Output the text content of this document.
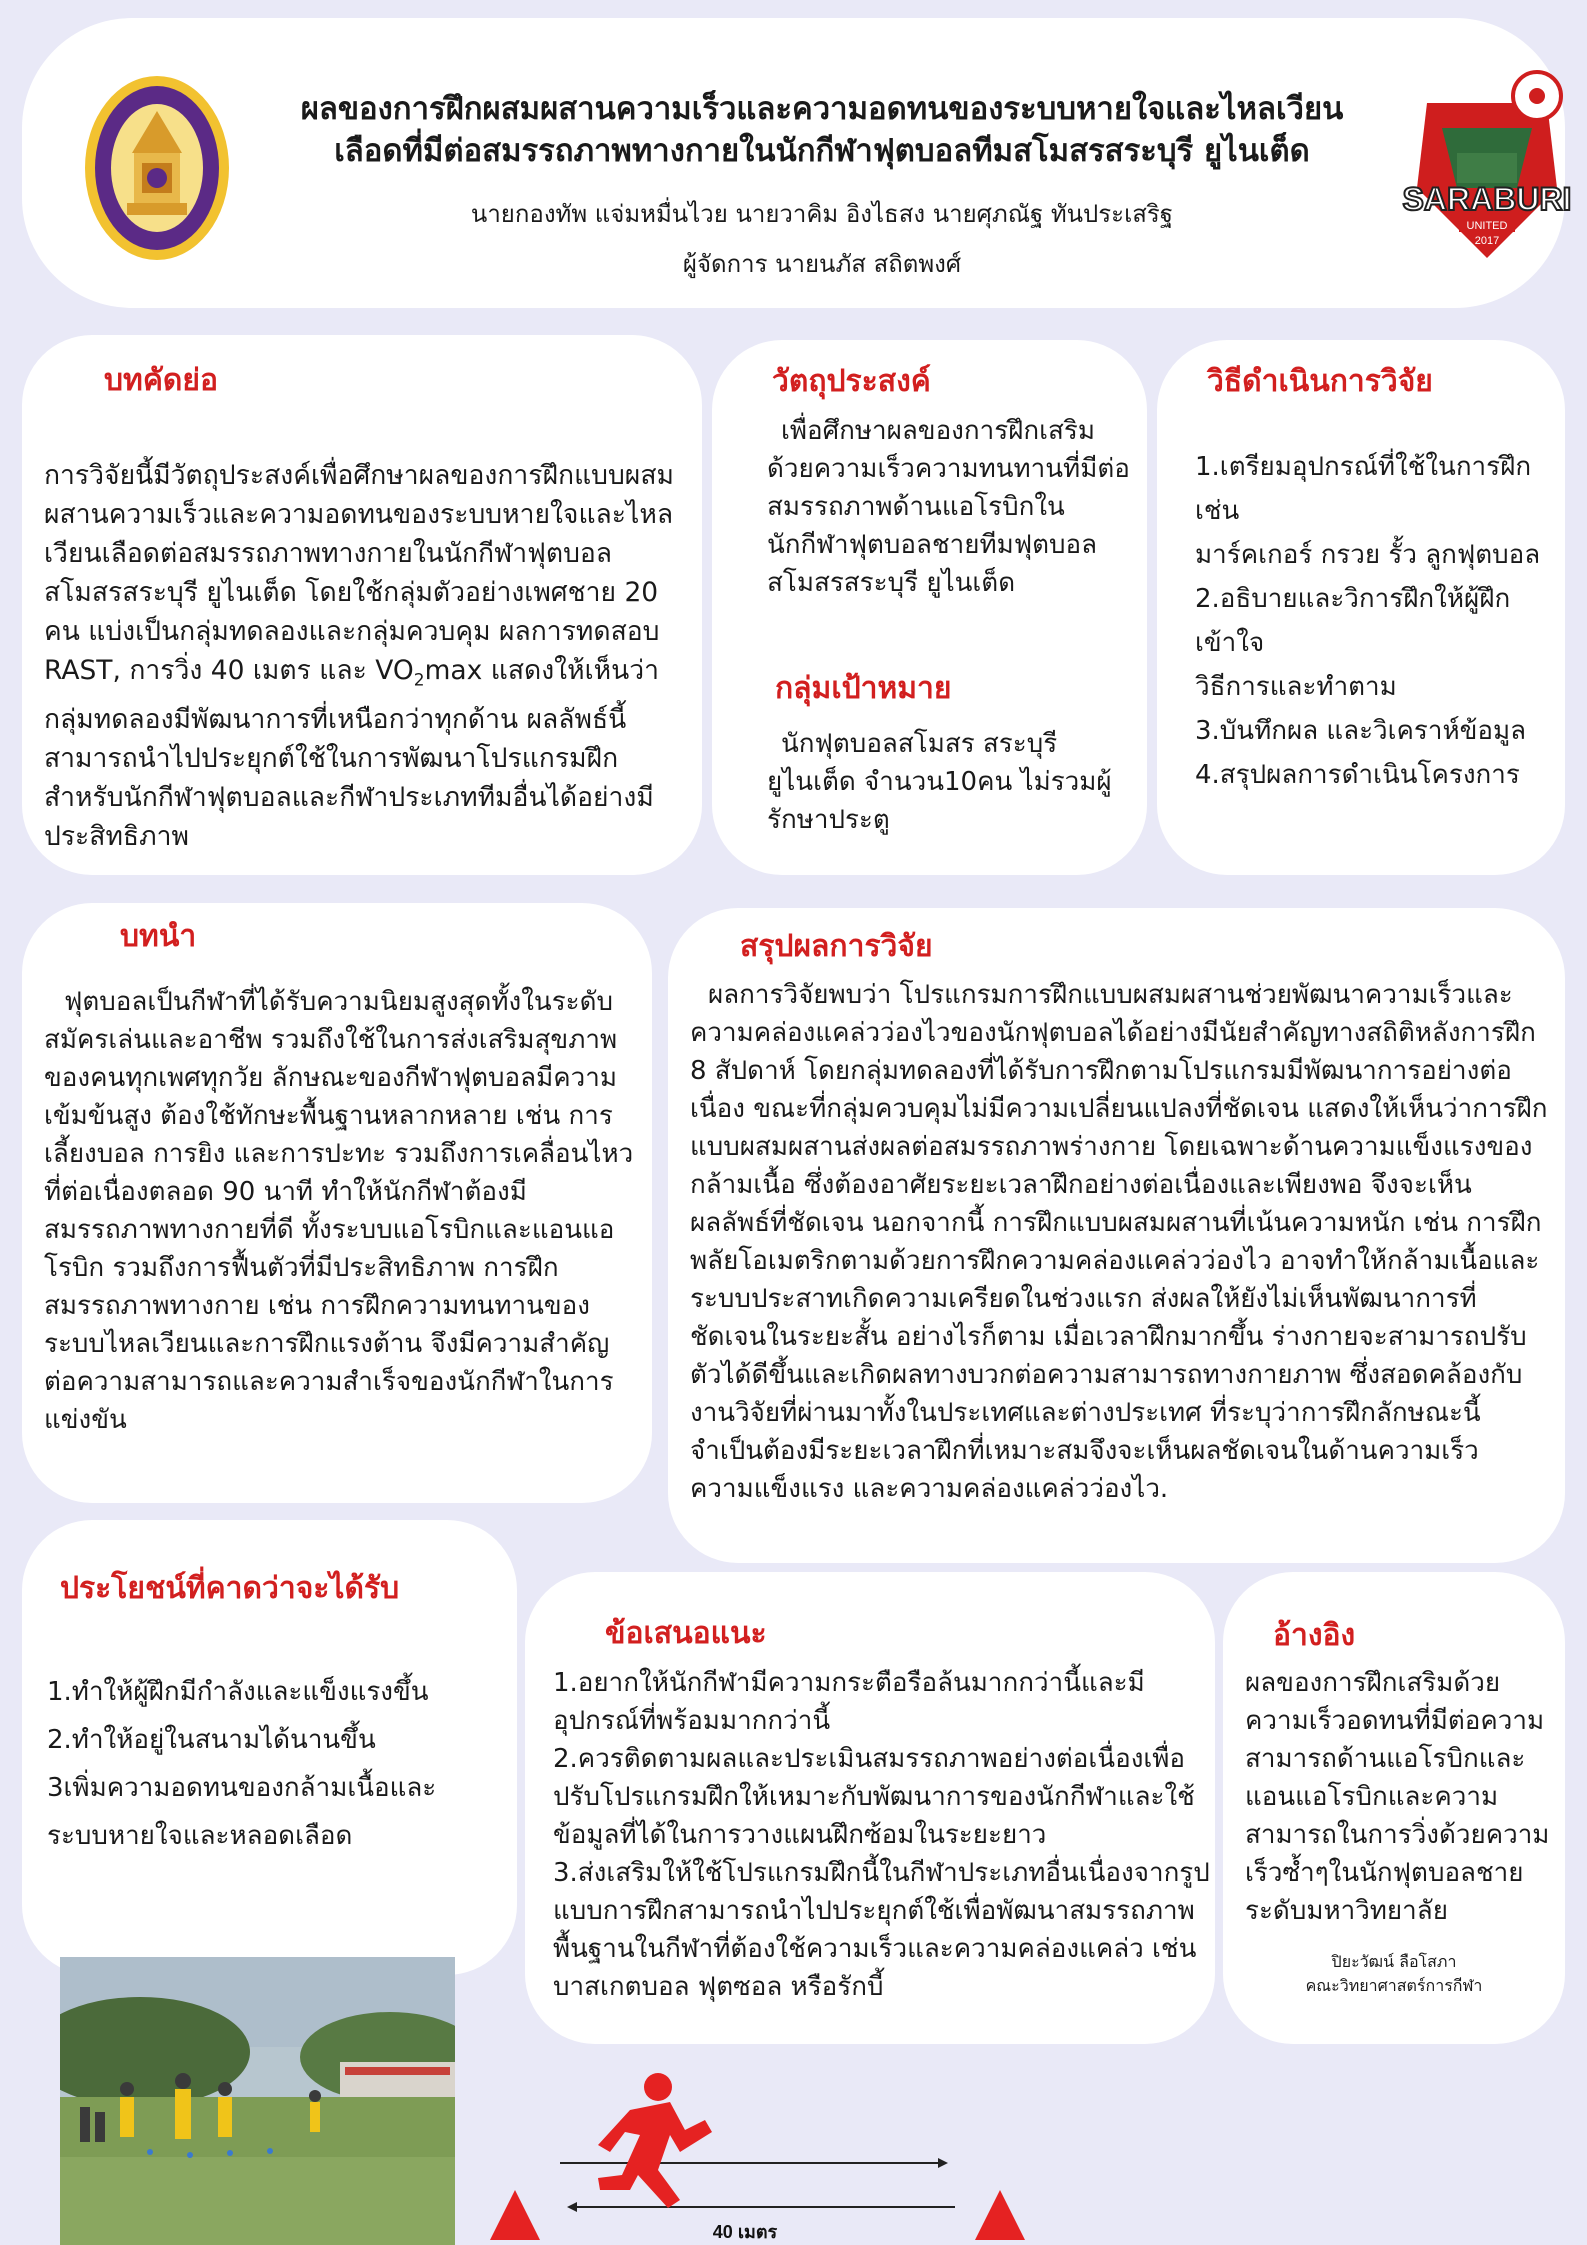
ผลของการฝึกผสมผสานความเร็วและความอดทนของระบบหายใจและไหลเวียน
เลือดที่มีต่อสมรรถภาพทางกายในนักกีฬาฟุตบอลทีมสโมสรสระบุรี ยูไนเต็ด
นายกองทัพ แจ่มหมื่นไวย นายวาคิม อิงไธสง นายศุภณัฐ ทันประเสริฐ
ผู้จัดการ นายนภัส สถิตพงศ์
SARABURI
UNITED
2017
บทคัดย่อ

การวิจัยนี้มีวัตถุประสงค์เพื่อศึกษาผลของการฝึกแบบผสมผสานความเร็วและความอดทนของระบบหายใจและไหลเวียนเลือดต่อสมรรถภาพทางกายในนักกีฬาฟุตบอลสโมสรสระบุรี ยูไนเต็ด โดยใช้กลุ่มตัวอย่างเพศชาย 20 คน แบ่งเป็นกลุ่มทดลองและกลุ่มควบคุม ผลการทดสอบ RAST, การวิ่ง 40 เมตร และ $VO_2\max$ แสดงให้เห็นว่ากลุ่มทดลองมีพัฒนาการที่เหนือกว่าทุกด้าน ผลลัพธ์นี้สามารถนำไปประยุกต์ใช้ในการพัฒนาโปรแกรมฝึกสำหรับนักกีฬาฟุตบอลและกีฬาประเภททีมอื่นได้อย่างมีประสิทธิภาพ

วัตถุประสงค์
เพื่อศึกษาผลของการฝึกเสริมด้วยความเร็วความทนทานที่มีต่อสมรรถภาพด้านแอโรบิกในนักกีฬาฟุตบอลชายทีมฟุตบอลสโมสรสระบุรี ยูไนเต็ด
กลุ่มเป้าหมาย
นักฟุตบอลสโมสร สระบุรี ยูไนเต็ด จำนวน10คน ไม่รวมผู้รักษาประตู
วิธีดำเนินการวิจัย
1.เตรียมอุปกรณ์ที่ใช้ในการฝึกเช่น
มาร์คเกอร์ กรวย รั้ว ลูกฟุตบอล
2.อธิบายและวิการฝึกให้ผู้ฝึกเข้าใจ
วิธีการและทำตาม
3.บันทึกผล และวิเคราห์ข้อมูล
4.สรุปผลการดำเนินโครงการ
บทนำ
ฟุตบอลเป็นกีฬาที่ได้รับความนิยมสูงสุดทั้งในระดับสมัครเล่นและอาชีพ รวมถึงใช้ในการส่งเสริมสุขภาพของคนทุกเพศทุกวัย ลักษณะของกีฬาฟุตบอลมีความเข้มข้นสูง ต้องใช้ทักษะพื้นฐานหลากหลาย เช่น การเลี้ยงบอล การยิง และการปะทะ รวมถึงการเคลื่อนไหวที่ต่อเนื่องตลอด 90 นาที ทำให้นักกีฬาต้องมีสมรรถภาพทางกายที่ดี ทั้งระบบแอโรบิกและแอนแอโรบิก รวมถึงการฟื้นตัวที่มีประสิทธิภาพ การฝึกสมรรถภาพทางกาย เช่น การฝึกความทนทานของระบบไหลเวียนและการฝึกแรงต้าน จึงมีความสำคัญต่อความสามารถและความสำเร็จของนักกีฬาในการแข่งขัน
สรุปผลการวิจัย
ผลการวิจัยพบว่า โปรแกรมการฝึกแบบผสมผสานช่วยพัฒนาความเร็วและความคล่องแคล่วว่องไวของนักฟุตบอลได้อย่างมีนัยสำคัญทางสถิติหลังการฝึก 8 สัปดาห์ โดยกลุ่มทดลองที่ได้รับการฝึกตามโปรแกรมมีพัฒนาการอย่างต่อเนื่อง ขณะที่กลุ่มควบคุมไม่มีความเปลี่ยนแปลงที่ชัดเจน แสดงให้เห็นว่าการฝึกแบบผสมผสานส่งผลต่อสมรรถภาพร่างกาย โดยเฉพาะด้านความแข็งแรงของกล้ามเนื้อ ซึ่งต้องอาศัยระยะเวลาฝึกอย่างต่อเนื่องและเพียงพอ จึงจะเห็นผลลัพธ์ที่ชัดเจน นอกจากนี้ การฝึกแบบผสมผสานที่เน้นความหนัก เช่น การฝึกพลัยโอเมตริกตามด้วยการฝึกความคล่องแคล่วว่องไว อาจทำให้กล้ามเนื้อและระบบประสาทเกิดความเครียดในช่วงแรก ส่งผลให้ยังไม่เห็นพัฒนาการที่ชัดเจนในระยะสั้น อย่างไรก็ตาม เมื่อเวลาฝึกมากขึ้น ร่างกายจะสามารถปรับตัวได้ดีขึ้นและเกิดผลทางบวกต่อความสามารถทางกายภาพ ซึ่งสอดคล้องกับงานวิจัยที่ผ่านมาทั้งในประเทศและต่างประเทศ ที่ระบุว่าการฝึกลักษณะนี้จำเป็นต้องมีระยะเวลาฝึกที่เหมาะสมจึงจะเห็นผลชัดเจนในด้านความเร็ว ความแข็งแรง และความคล่องแคล่วว่องไว.
ประโยชน์ที่คาดว่าจะได้รับ
1.ทำให้ผู้ฝึกมีกำลังและแข็งแรงขึ้น
2.ทำให้อยู่ในสนามได้นานขึ้น
3เพิ่มความอดทนของกล้ามเนื้อและ
ระบบหายใจและหลอดเลือด
ข้อเสนอแนะ
1.อยากให้นักกีฬามีความกระตือรือล้นมากกว่านี้และมีอุปกรณ์ที่พร้อมมากกว่านี้
2.ควรติดตามผลและประเมินสมรรถภาพอย่างต่อเนื่องเพื่อปรับโปรแกรมฝึกให้เหมาะกับพัฒนาการของนักกีฬาและใช้ข้อมูลที่ได้ในการวางแผนฝึกซ้อมในระยะยาว
3.ส่งเสริมให้ใช้โปรแกรมฝึกนี้ในกีฬาประเภทอื่นเนื่องจากรูปแบบการฝึกสามารถนำไปประยุกต์ใช้เพื่อพัฒนาสมรรถภาพพื้นฐานในกีฬาที่ต้องใช้ความเร็วและความคล่องแคล่ว เช่น บาสเกตบอล ฟุตซอล หรือรักบี้
อ้างอิง
ผลของการฝึกเสริมด้วยความเร็วอดทนที่มีต่อความสามารถด้านแอโรบิกและแอนแอโรบิกและความสามารถในการวิ่งด้วยความเร็วซ้ำๆในนักฟุตบอลชายระดับมหาวิทยาลัย
ปิยะวัฒน์ ลือโสภา
คณะวิทยาศาสตร์การกีฬา
40 เมตร
